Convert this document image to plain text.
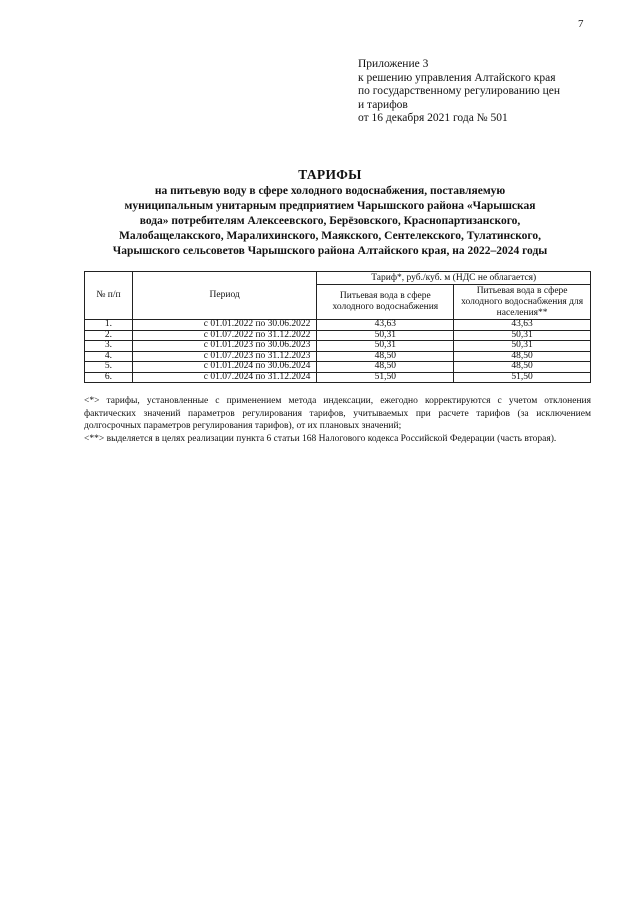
7
Приложение 3
к решению управления Алтайского края
по государственному регулированию цен
и тарифов
от 16 декабря 2021 года № 501
ТАРИФЫ
на питьевую воду в сфере холодного водоснабжения, поставляемую
муниципальным унитарным предприятием Чарышского района «Чарышская
вода» потребителям Алексеевского, Берёзовского, Краснопартизанского,
Малобащелакского, Маралихинского, Маякского, Сентелекского, Тулатинского,
Чарышского сельсоветов Чарышского района Алтайского края, на 2022–2024 годы
№ п/п	Период	Тариф*, руб./куб. м (НДС не облагается)	
		Питьевая вода в сфере холодного водоснабжения	Питьевая вода в сфере холодного водоснабжения для населения**
1.	с 01.01.2022 по 30.06.2022	43,63	43,63
2.	с 01.07.2022 по 31.12.2022	50,31	50,31
3.	с 01.01.2023 по 30.06.2023	50,31	50,31
4.	с 01.07.2023 по 31.12.2023	48,50	48,50
5.	с 01.01.2024 по 30.06.2024	48,50	48,50
6.	с 01.07.2024 по 31.12.2024	51,50	51,50

<*> тарифы, установленные с применением метода индексации, ежегодно корректируются с учетом отклонения фактических значений параметров регулирования тарифов, учитываемых при расчете тарифов (за исключением долгосрочных параметров регулирования тарифов), от их плановых значений;

<**> выделяется в целях реализации пункта 6 статьи 168 Налогового кодекса Российской Федерации (часть вторая).
